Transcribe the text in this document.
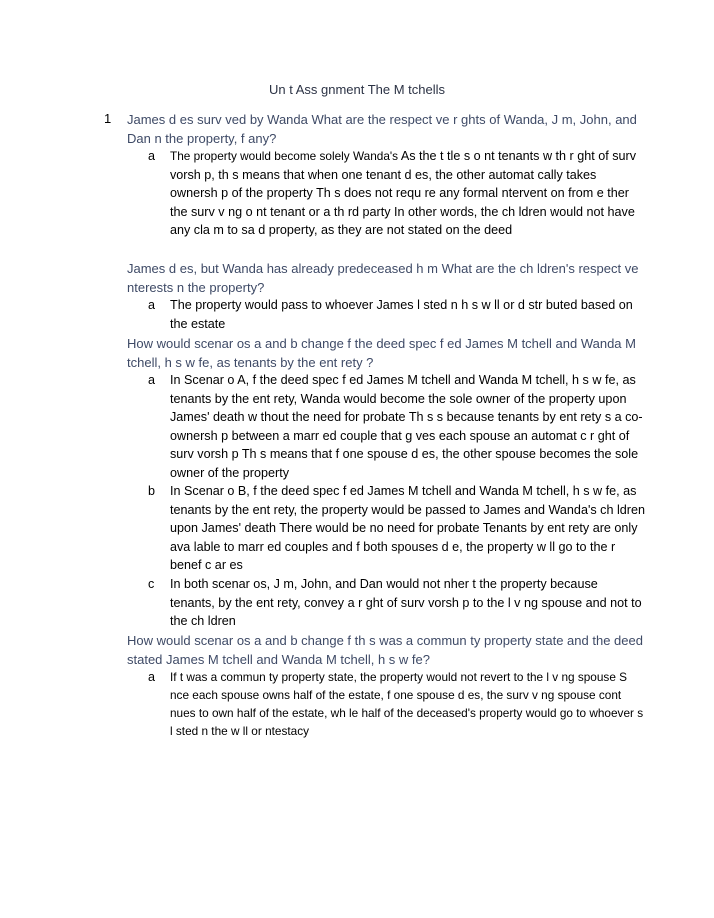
Un t Ass gnment The M tchells
1 James d es surv ved by Wanda What are the respect ve r ghts of Wanda, J m, John, and Dan n the property, f any?
a The property would become solely Wanda's As the t tle s o nt tenants w th r ght of surv vorsh p, th s means that when one tenant d es, the other automat cally takes ownersh p of the property Th s does not requ re any formal ntervent on from e ther the surv v ng o nt tenant or a th rd party In other words, the ch ldren would not have any cla m to sa d property, as they are not stated on the deed
James d es, but Wanda has already predeceased h m What are the ch ldren's respect ve nterests n the property?
a The property would pass to whoever James l sted n h s w ll or d str buted based on the estate
How would scenar os a and b change f the deed spec f ed James M tchell and Wanda M tchell, h s w fe, as tenants by the ent rety ?
a In Scenar o A, f the deed spec f ed James M tchell and Wanda M tchell, h s w fe, as tenants by the ent rety, Wanda would become the sole owner of the property upon James' death w thout the need for probate Th s s because tenants by ent rety s a co-ownersh p between a marr ed couple that g ves each spouse an automat c r ght of surv vorsh p Th s means that f one spouse d es, the other spouse becomes the sole owner of the property
b In Scenar o B, f the deed spec f ed James M tchell and Wanda M tchell, h s w fe, as tenants by the ent rety, the property would be passed to James and Wanda's ch ldren upon James' death There would be no need for probate Tenants by ent rety are only ava lable to marr ed couples and f both spouses d e, the property w ll go to the r benef c ar es
c In both scenar os, J m, John, and Dan would not nher t the property because tenants, by the ent rety, convey a r ght of surv vorsh p to the l v ng spouse and not to the ch ldren
How would scenar os a and b change f th s was a commun ty property state and the deed stated James M tchell and Wanda M tchell, h s w fe?
a If t was a commun ty property state, the property would not revert to the l v ng spouse S nce each spouse owns half of the estate, f one spouse d es, the surv v ng spouse cont nues to own half of the estate, wh le half of the deceased's property would go to whoever s l sted n the w ll or ntestacy
